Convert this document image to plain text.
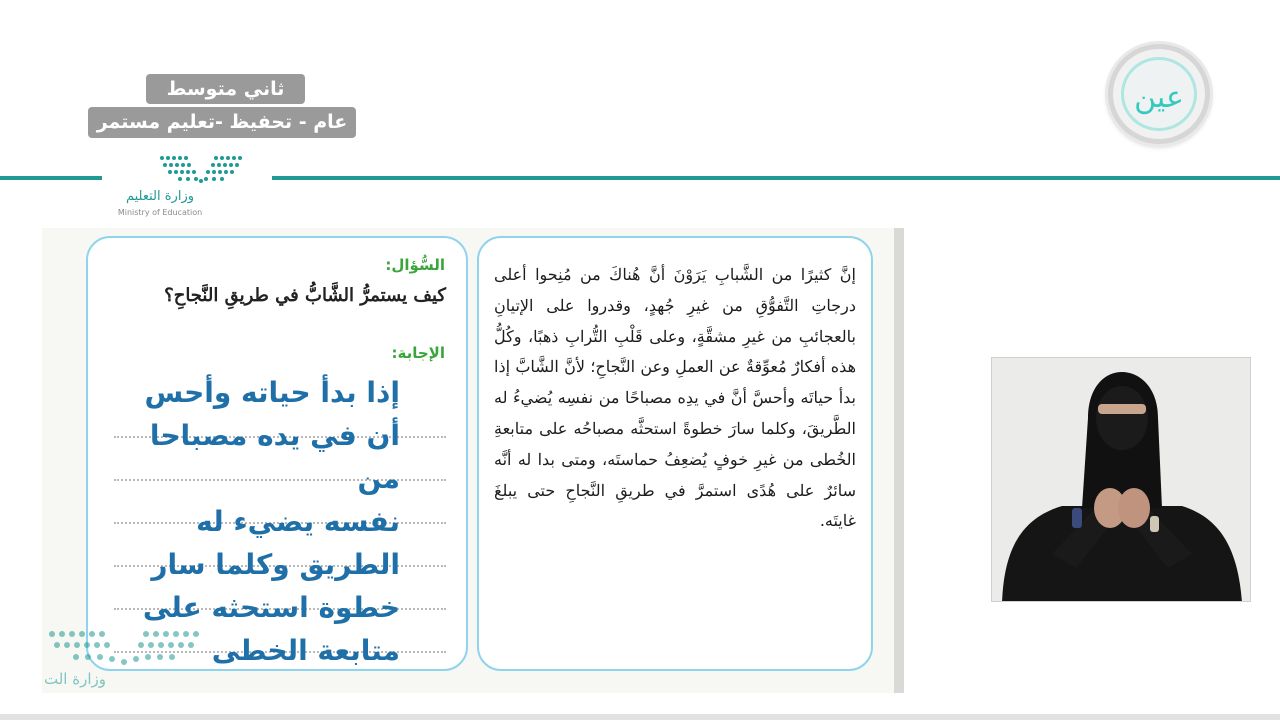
ثاني متوسط
عام - تحفيظ -تعليم مستمر
وزارة التعليم
Ministry of Education
عين
السُّؤال:
كيف يستمرُّ الشَّابُّ في طريقِ النَّجاحِ؟
الإجابة:
إذا بدأ حياته وأحس
أن في يده مصباحا من
نفسه يضيء له
الطريق وكلما سار
خطوة استحثه على
متابعة الخطى
إنَّ كثيرًا من الشَّبابِ يَرَوْنَ أنَّ هُناكَ من مُنِحوا أعلى درجاتِ التَّفوُّقِ من غيرِ جُهدٍ، وقدروا على الإتيانِ بالعجائبِ من غيرِ مشقَّةٍ، وعلى قَلْبِ التُّرابِ ذهبًا، وكُلُّ هذه أفكارٌ مُعوِّقةٌ عن العملِ وعن النَّجاحِ؛ لأنَّ الشَّابَّ إذا بدأ حياتَه وأحسَّ أنَّ في يدِه مصباحًا من نفسِه يُضيءُ له الطَّريقَ، وكلما سارَ خطوةً استحثَّه مصباحُه على متابعةِ الخُطى من غيرِ خوفٍ يُضعِفُ حماستَه، ومتى بدا له أنَّه سائرٌ على هُدًى استمرَّ في طريقِ النَّجاحِ حتى يبلغَ غايتَه.
وزارة الت
